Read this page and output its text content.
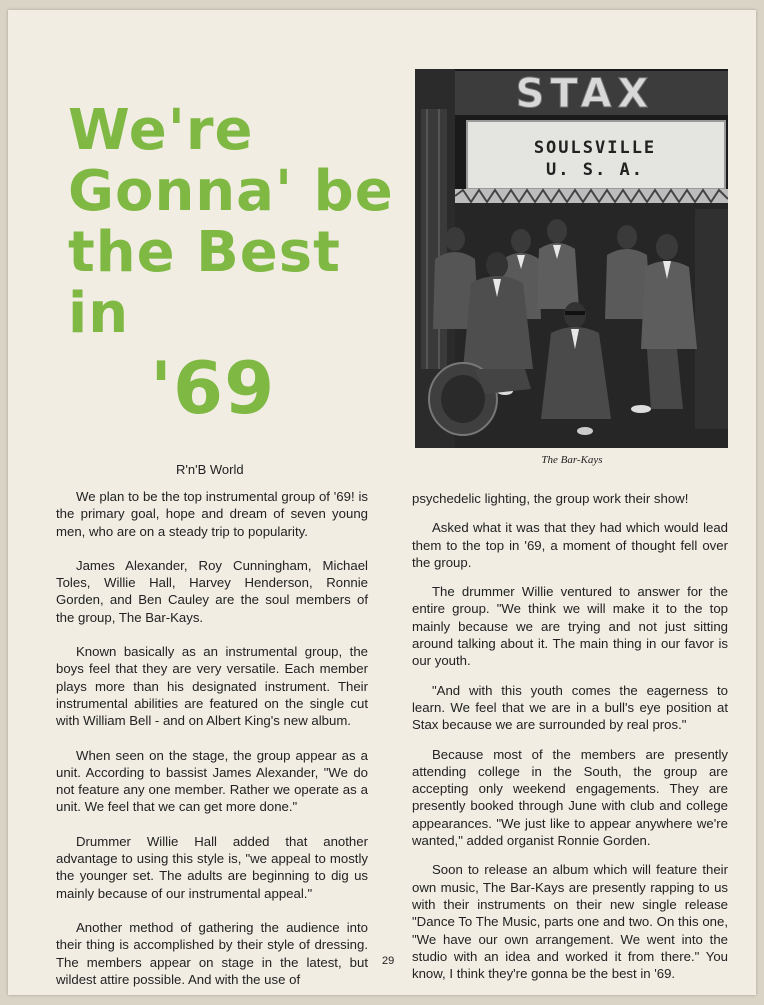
We're
Gonna' be
the Best
in
'69
R'n'B World
STAX
SOULSVILLE
U. S. A.
The Bar-Kays

We plan to be the top instrumental group of '69! is the primary goal, hope and dream of seven young men, who are on a steady trip to popularity.

James Alexander, Roy Cunningham, Michael Toles, Willie Hall, Harvey Henderson, Ronnie Gorden, and Ben Cauley are the soul members of the group, The Bar-Kays.

Known basically as an instrumental group, the boys feel that they are very versatile. Each member plays more than his designated instrument. Their instrumental abilities are featured on the single cut with William Bell - and on Albert King's new album.

When seen on the stage, the group appear as a unit. According to bassist James Alexander, "We do not feature any one member. Rather we operate as a unit. We feel that we can get more done."

Drummer Willie Hall added that another advantage to using this style is, "we appeal to mostly the younger set. The adults are beginning to dig us mainly because of our instrumental appeal."

Another method of gathering the audience into their thing is accomplished by their style of dressing. The members appear on stage in the latest, but wildest attire possible. And with the use of

psychedelic lighting, the group work their show!

Asked what it was that they had which would lead them to the top in '69, a moment of thought fell over the group.

The drummer Willie ventured to answer for the entire group. "We think we will make it to the top mainly because we are trying and not just sitting around talking about it. The main thing in our favor is our youth.

"And with this youth comes the eagerness to learn. We feel that we are in a bull's eye position at Stax because we are surrounded by real pros."

Because most of the members are presently attending college in the South, the group are accepting only weekend engagements. They are presently booked through June with club and college appearances. "We just like to appear anywhere we're wanted," added organist Ronnie Gorden.

Soon to release an album which will feature their own music, The Bar-Kays are presently rapping to us with their instruments on their new single release "Dance To The Music, parts one and two. On this one, "We have our own arrangement. We went into the studio with an idea and worked it from there." You know, I think they're gonna be the best in '69.

29
